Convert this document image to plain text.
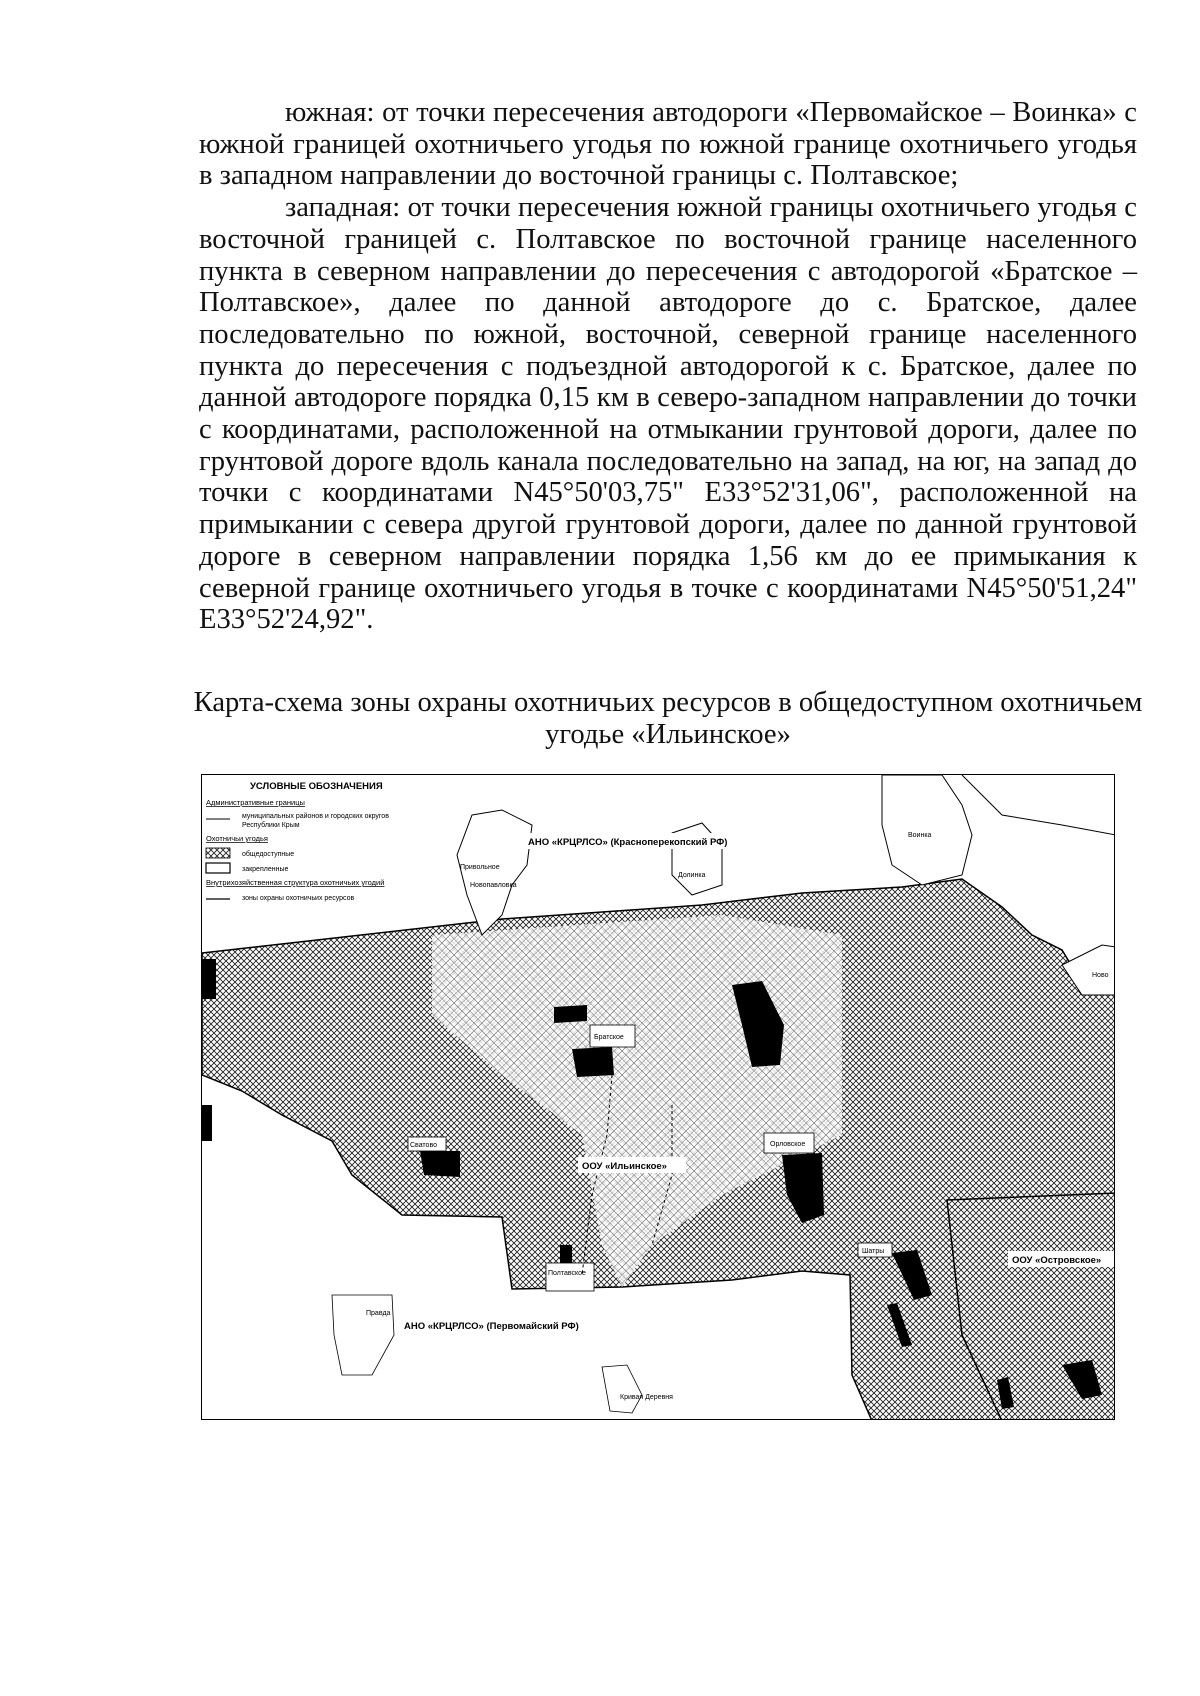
южная: от точки пересечения автодороги «Первомайское – Воинка» с южной границей охотничьего угодья по южной границе охотничьего угодья в западном направлении до восточной границы с. Полтавское;

западная: от точки пересечения южной границы охотничьего угодья с восточной границей с. Полтавское по восточной границе населенного пункта в северном направлении до пересечения с автодорогой «Братское – Полтавское», далее по данной автодороге до с. Братское, далее последовательно по южной, восточной, северной границе населенного пункта до пересечения с подъездной автодорогой к с. Братское, далее по данной автодороге порядка 0,15 км в северо-западном направлении до точки с координатами, расположенной на отмыкании грунтовой дороги, далее по грунтовой дороге вдоль канала последовательно на запад, на юг, на запад до точки с координатами N45°50'03,75" E33°52'31,06", расположенной на примыкании с севера другой грунтовой дороги, далее по данной грунтовой дороге в северном направлении порядка 1,56 км до ее примыкания к северной границе охотничьего угодья в точке с координатами N45°50'51,24" E33°52'24,92".

Карта-схема зоны охраны охотничьих ресурсов в общедоступном охотничьем
угодье «Ильинское»
УСЛОВНЫЕ ОБОЗНАЧЕНИЯ
Административные границы
муниципальных районов и городских округов
Республики Крым
Охотничьи угодья
общедоступные
закрепленные
Внутрихозяйственная структура охотничьих угодий
зоны охраны охотничьих ресурсов
АНО «КРЦРЛСО» (Красноперекопский РФ)
Воинка
Привольное
Новопавловка
Долинка
Ново
Братское
Сватово	Орловское
ООУ «Ильинское»
Полтавское
Шатры
ООУ «Островское»
Правда
АНО «КРЦРЛСО» (Первомайский РФ)
Кривая Деревня
